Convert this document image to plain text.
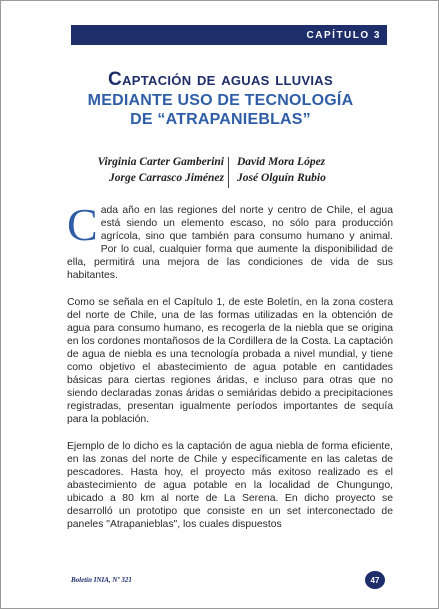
CAPÍTULO 3
Captación de aguas lluvias
MEDIANTE USO DE TECNOLOGÍA
DE “ATRAPANIEBLAS”
Virginia Carter Gamberini
Jorge Carrasco Jiménez
David Mora López
José Olguín Rubio

Cada año en las regiones del norte y centro de Chile, el agua está siendo un elemento escaso, no sólo para producción agrícola, sino que también para consumo humano y animal. Por lo cual, cualquier forma que aumente la disponibilidad de ella, permitirá una mejora de las condiciones de vida de sus habitantes.

Como se señala en el Capítulo 1, de este Boletín, en la zona costera del norte de Chile, una de las formas utilizadas en la obtención de agua para consumo humano, es recogerla de la niebla que se origina en los cordones montañosos de la Cordillera de la Costa. La captación de agua de niebla es una tecnología probada a nivel mundial, y tiene como objetivo el abastecimiento de agua potable en cantidades básicas para ciertas regiones áridas, e incluso para otras que no siendo declaradas zonas áridas o semiáridas debido a precipitaciones registradas, presentan igualmente períodos importantes de sequía para la población.

Ejemplo de lo dicho es la captación de agua niebla de forma eficiente, en las zonas del norte de Chile y específicamente en las caletas de pescadores. Hasta hoy, el proyecto más exitoso realizado es el abastecimiento de agua potable en la localidad de Chungungo, ubicado a 80 km al norte de La Serena. En dicho proyecto se desarrolló un prototipo que consiste en un set interconectado de paneles "Atrapanieblas", los cuales dispuestos

Boletín INIA, Nº 321	47
